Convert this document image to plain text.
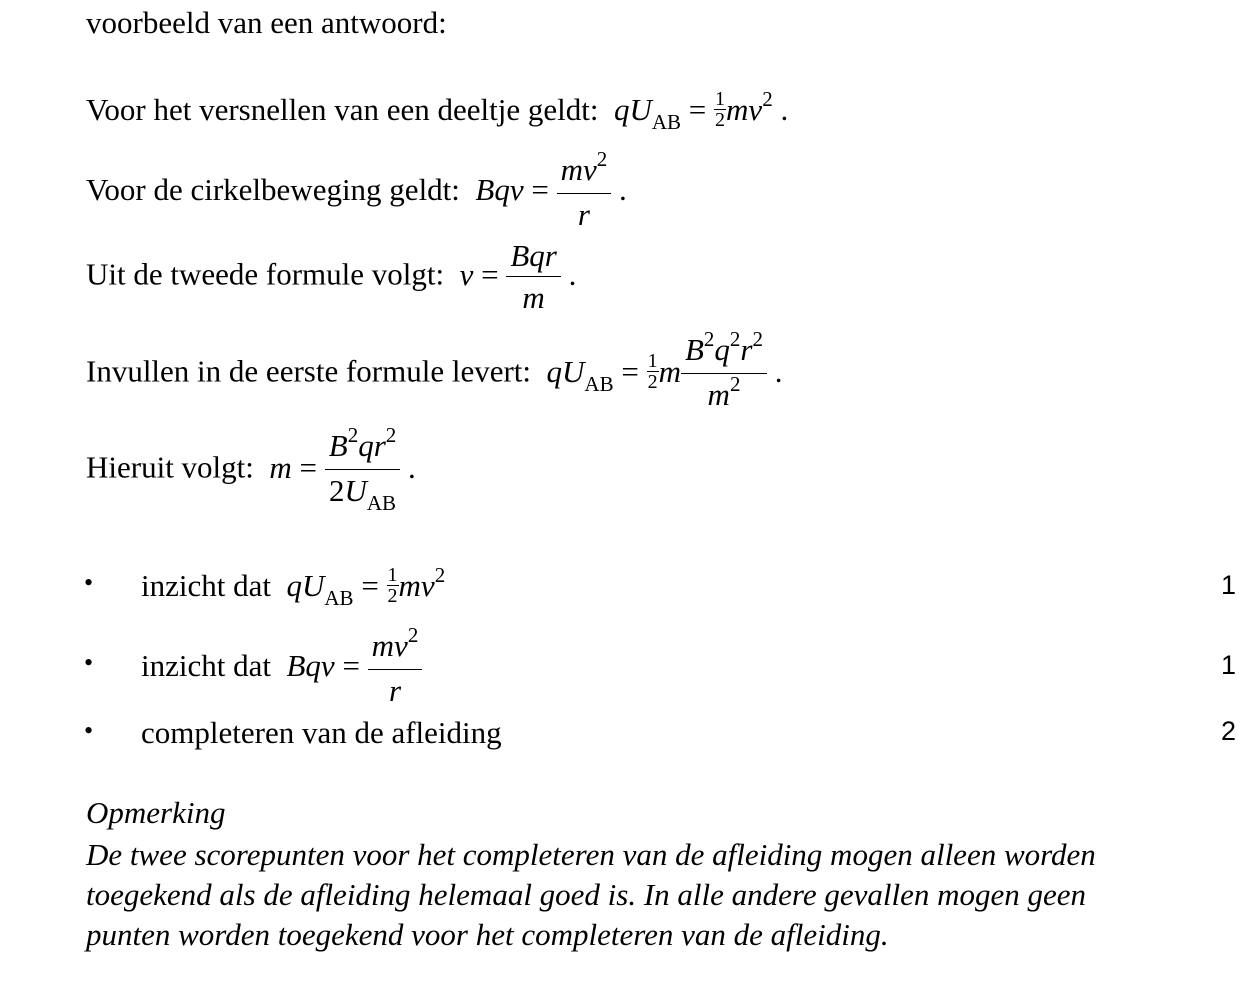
voorbeeld van een antwoord:
Voor het versnellen van een deeltje geldt: $qU_{AB} = \frac{1}{2} mv^2$ .
Voor de cirkelbeweging geldt: Bqv = $\frac{mv^2}{r}$ .
Uit de tweede formule volgt: $v = \frac{\text{Bqr}}{m}$ .
Invullen in de eerste formule levert: $qU_{AB} = \frac{1}{2}$ m $\frac{B^2q^2r^2}{m^2}$ .
Hieruit volgt: $m = \frac{B^2qr^2}{2U_{AB}}$ .
• inzicht dat $qU_{AB} = \frac{1}{2} mv^2$	1
• inzicht dat Bqv = $\frac{mv^2}{r}$	1
• completeren van de afleiding	2
Opmerking
De twee scorepunten voor het completeren van de afleiding mogen alleen worden toegekend als de afleiding helemaal goed is. In alle andere gevallen mogen geen punten worden toegekend voor het completeren van de afleiding.
